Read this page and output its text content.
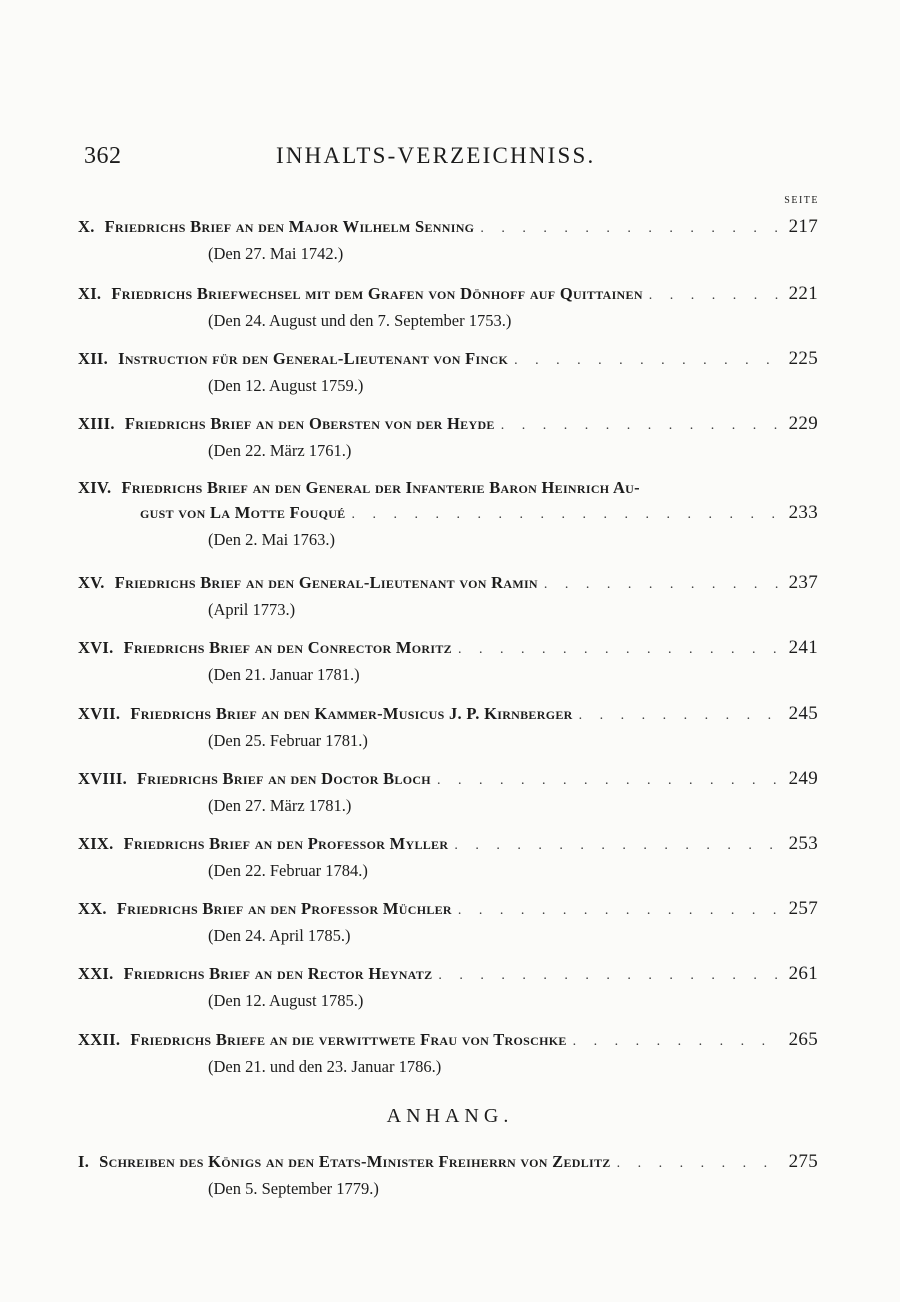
362	INHALTS-VERZEICHNISS.
SEITE
X. Friedrichs Brief an den Major Wilhelm Senning . . .	217
(Den 27. Mai 1742.)
XI. Friedrichs Briefwechsel mit dem Grafen von Dönhoff auf Quittainen . . .	221
(Den 24. August und den 7. September 1753.)
XII. Instruction für den General-Lieutenant von Finck . . .	225
(Den 12. August 1759.)
XIII. Friedrichs Brief an den Obersten von der Heyde . . .	229
(Den 22. März 1761.)
XIV. Friedrichs Brief an den General der Infanterie Baron Heinrich Au-
gust von La Motte Fouqué . . .	233
(Den 2. Mai 1763.)
XV. Friedrichs Brief an den General-Lieutenant von Ramin . . .	237
(April 1773.)
XVI. Friedrichs Brief an den Conrector Moritz . . .	241
(Den 21. Januar 1781.)
XVII. Friedrichs Brief an den Kammer-Musicus J. P. Kirnberger . . .	245
(Den 25. Februar 1781.)
XVIII. Friedrichs Brief an den Doctor Bloch . . .	249
(Den 27. März 1781.)
XIX. Friedrichs Brief an den Professor Myller . . .	253
(Den 22. Februar 1784.)
XX. Friedrichs Brief an den Professor Müchler . . .	257
(Den 24. April 1785.)
XXI. Friedrichs Brief an den Rector Heynatz . . .	261
(Den 12. August 1785.)
XXII. Friedrichs Briefe an die verwittwete Frau von Troschke . . .	265
(Den 21. und den 23. Januar 1786.)
ANHANG.
I. Schreiben des Königs an den Etats-Minister Freiherrn von Zedlitz . . .	275
(Den 5. September 1779.)
